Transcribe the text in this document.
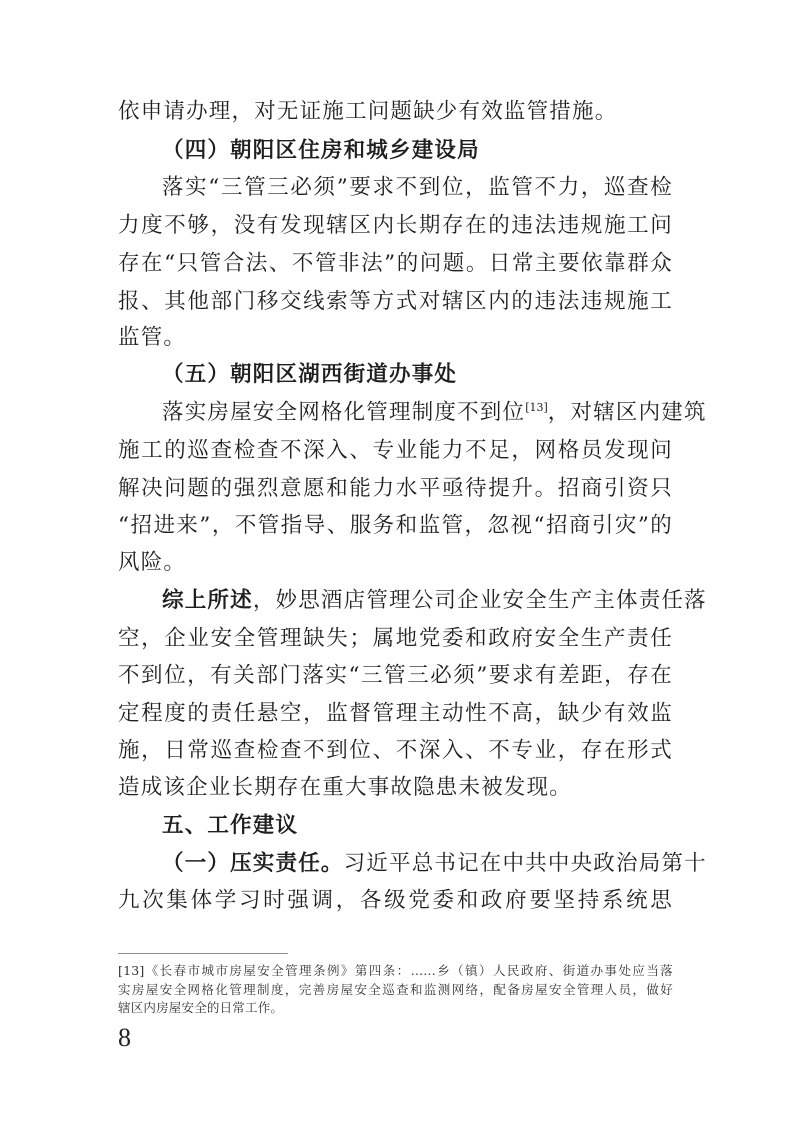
依申请办理，对无证施工问题缺少有效监管措施。
（四）朝阳区住房和城乡建设局
落实“三管三必须”要求不到位，监管不力，巡查检
力度不够，没有发现辖区内长期存在的违法违规施工问
存在“只管合法、不管非法”的问题。日常主要依靠群众
报、其他部门移交线索等方式对辖区内的违法违规施工
监管。
（五）朝阳区湖西街道办事处
落实房屋安全网格化管理制度不到位[13]，对辖区内建筑
施工的巡查检查不深入、专业能力不足，网格员发现问
解决问题的强烈意愿和能力水平亟待提升。招商引资只
“招进来”，不管指导、服务和监管，忽视“招商引灾”的
风险。
综上所述，妙思酒店管理公司企业安全生产主体责任落
空，企业安全管理缺失；属地党委和政府安全生产责任
不到位，有关部门落实“三管三必须”要求有差距，存在
定程度的责任悬空，监督管理主动性不高，缺少有效监
施，日常巡查检查不到位、不深入、不专业，存在形式
造成该企业长期存在重大事故隐患未被发现。
五、工作建议
（一）压实责任。习近平总书记在中共中央政治局第十
九次集体学习时强调，各级党委和政府要坚持系统思
[13]《长春市城市房屋安全管理条例》第四条：……乡（镇）人民政府、街道办事处应当落
实房屋安全网格化管理制度，完善房屋安全巡查和监测网络，配备房屋安全管理人员，做好
辖区内房屋安全的日常工作。
8
